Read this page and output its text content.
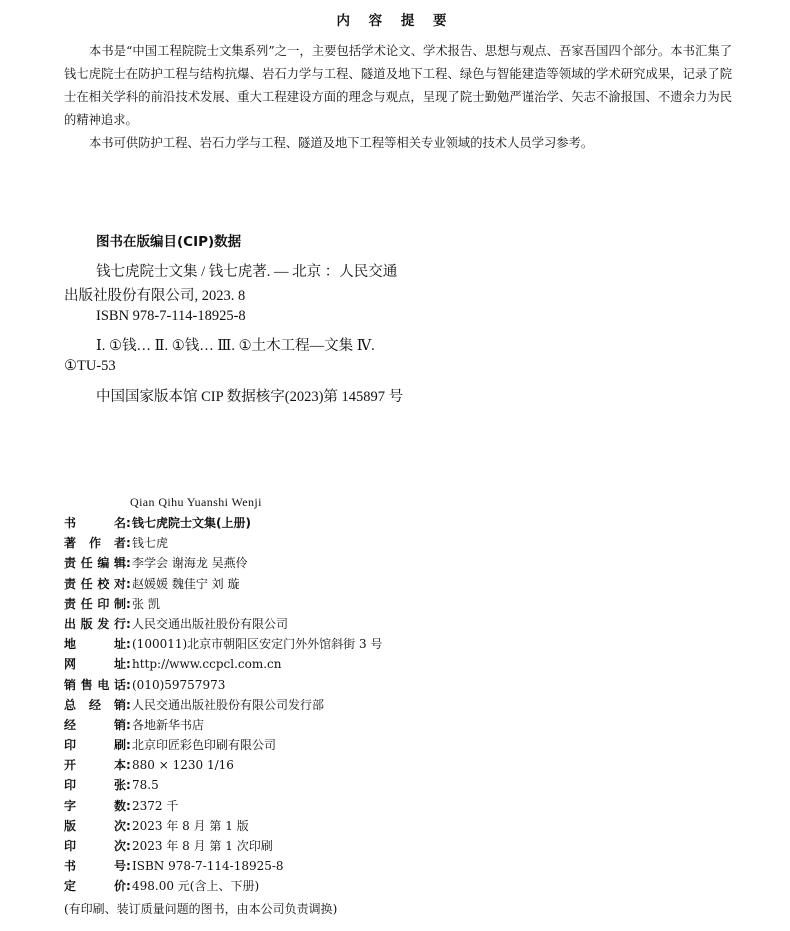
内 容 提 要

本书是“中国工程院院士文集系列”之一，主要包括学术论文、学术报告、思想与观点、吾家吾国四个部分。本书汇集了钱七虎院士在防护工程与结构抗爆、岩石力学与工程、隧道及地下工程、绿色与智能建造等领域的学术研究成果，记录了院士在相关学科的前沿技术发展、重大工程建设方面的理念与观点，呈现了院士勤勉严谨治学、矢志不渝报国、不遗余力为民的精神追求。

本书可供防护工程、岩石力学与工程、隧道及地下工程等相关专业领域的技术人员学习参考。

图书在版编目(CIP)数据
钱七虎院士文集 / 钱七虎著. — 北京 ：人民交通
出版社股份有限公司, 2023. 8
ISBN 978-7-114-18925-8
Ⅰ. ①钱… Ⅱ. ①钱… Ⅲ. ①土木工程—文集 Ⅳ.
①TU-53
中国国家版本馆 CIP 数据核字(2023)第 145897 号
Qian Qihu Yuanshi Wenji
书 名 : 钱七虎院士文集(上册)
著 作 者 : 钱七虎
责任编辑 : 李学会 谢海龙 吴燕伶
责任校对 : 赵媛媛 魏佳宁 刘 璇
责任印制 : 张 凯
出版发行 : 人民交通出版社股份有限公司
地 址 : (100011)北京市朝阳区安定门外外馆斜街 3 号
网 址 : http://www.ccpcl.com.cn
销售电话 : (010)59757973
总 经 销 : 人民交通出版社股份有限公司发行部
经 销 : 各地新华书店
印 刷 : 北京印匠彩色印刷有限公司
开 本 : 880 × 1230 1/16
印 张 : 78.5
字 数 : 2372 千
版 次 : 2023 年 8 月 第 1 版
印 次 : 2023 年 8 月 第 1 次印刷
书 号 : ISBN 978-7-114-18925-8
定 价 : 498.00 元(含上、下册)
(有印刷、装订质量问题的图书，由本公司负责调换)
